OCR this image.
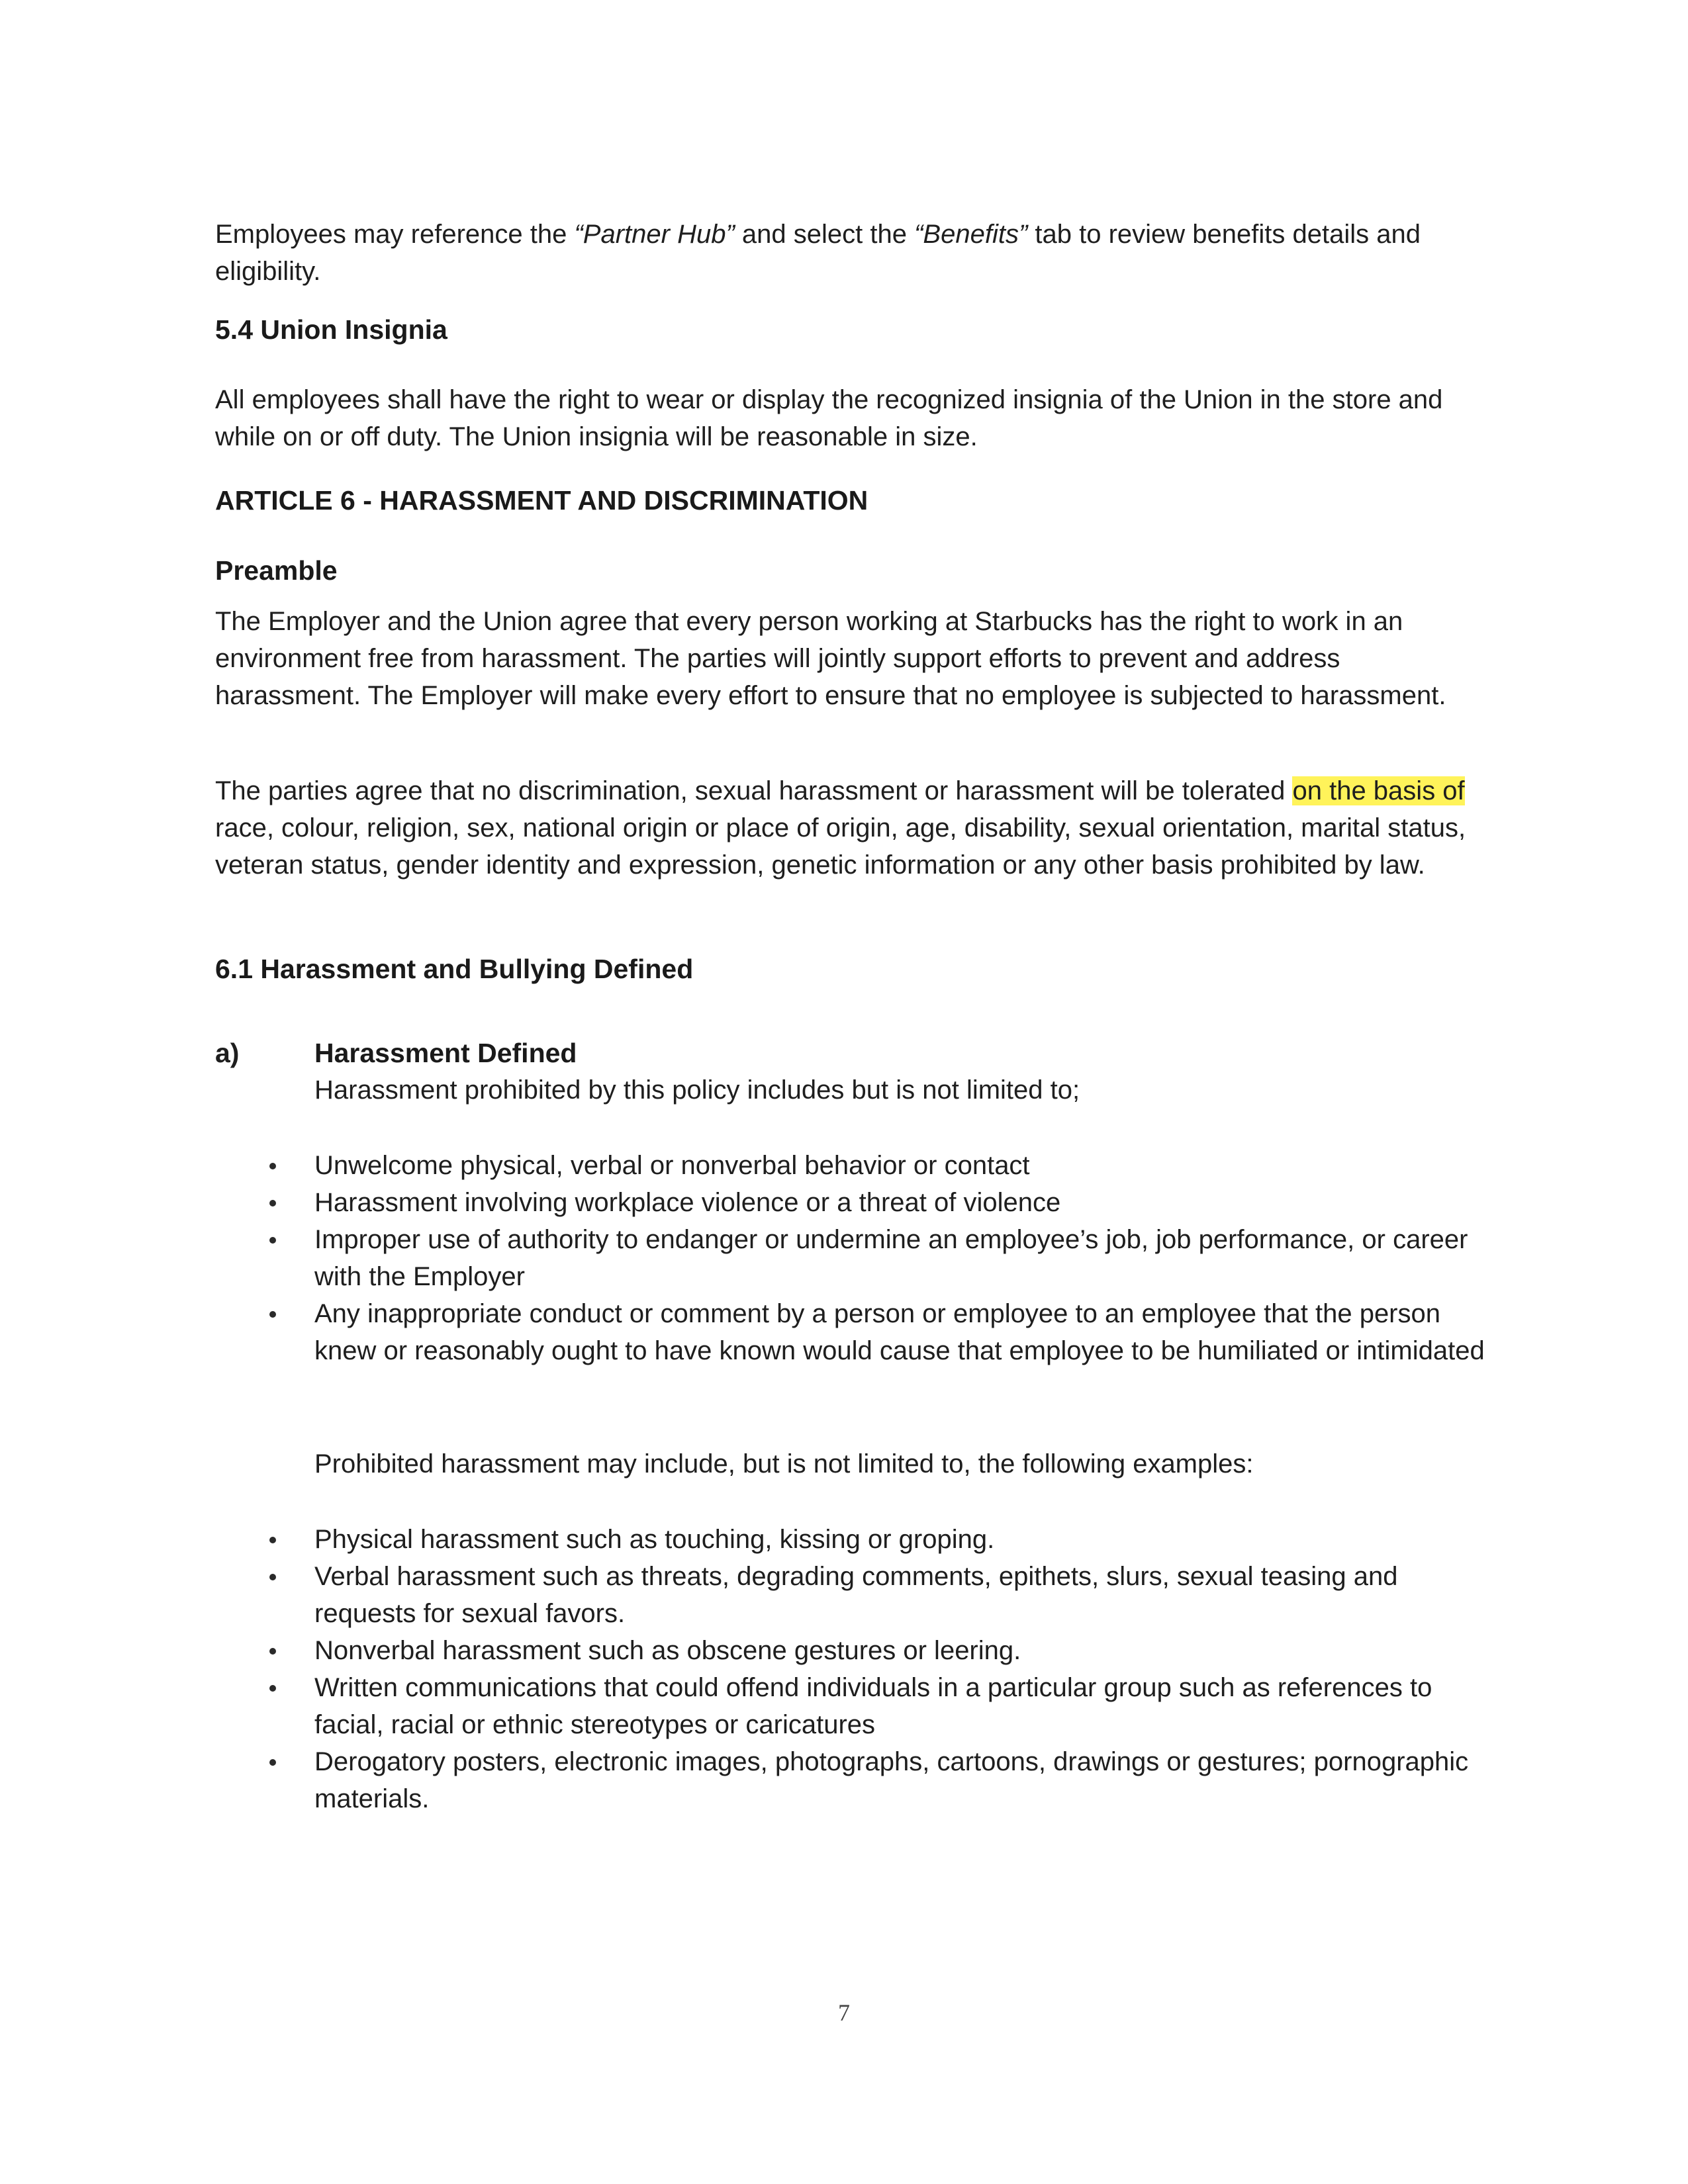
Employees may reference the “Partner Hub” and select the “Benefits” tab to review benefits details and eligibility.

5.4 Union Insignia

All employees shall have the right to wear or display the recognized insignia of the Union in the store and while on or off duty. The Union insignia will be reasonable in size.

ARTICLE 6 - HARASSMENT AND DISCRIMINATION
Preamble

The Employer and the Union agree that every person working at Starbucks has the right to work in an environment free from harassment. The parties will jointly support efforts to prevent and address harassment. The Employer will make every effort to ensure that no employee is subjected to harassment.

The parties agree that no discrimination, sexual harassment or harassment will be tolerated on the basis of race, colour, religion, sex, national origin or place of origin, age, disability, sexual orientation, marital status, veteran status, gender identity and expression, genetic information or any other basis prohibited by law.

6.1 Harassment and Bullying Defined
a)	Harassment Defined
Harassment prohibited by this policy includes but is not limited to;
Unwelcome physical, verbal or nonverbal behavior or contact
Harassment involving workplace violence or a threat of violence
Improper use of authority to endanger or undermine an employee’s job, job performance, or career with the Employer
Any inappropriate conduct or comment by a person or employee to an employee that the person knew or reasonably ought to have known would cause that employee to be humiliated or intimidated
Prohibited harassment may include, but is not limited to, the following examples:
Physical harassment such as touching, kissing or groping.
Verbal harassment such as threats, degrading comments, epithets, slurs, sexual teasing and requests for sexual favors.
Nonverbal harassment such as obscene gestures or leering.
Written communications that could offend individuals in a particular group such as references to facial, racial or ethnic stereotypes or caricatures
Derogatory posters, electronic images, photographs, cartoons, drawings or gestures; pornographic materials.
7
